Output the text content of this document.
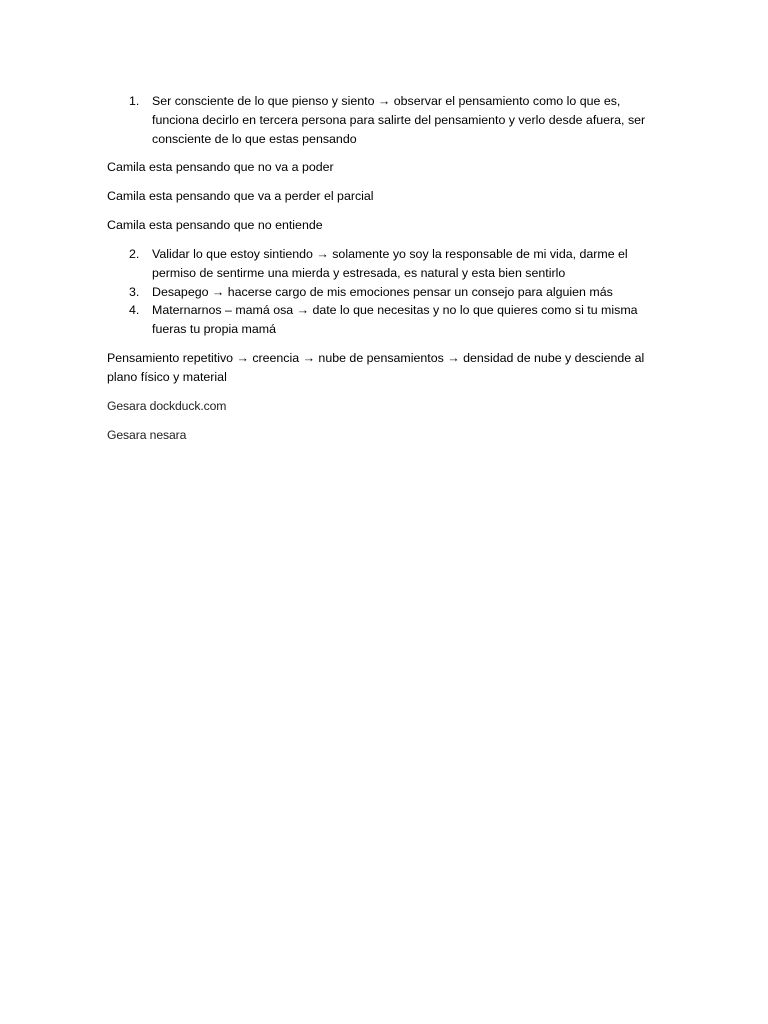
1. Ser consciente de lo que pienso y siento → observar el pensamiento como lo que es, funciona decirlo en tercera persona para salirte del pensamiento y verlo desde afuera, ser consciente de lo que estas pensando
Camila esta pensando que no va a poder
Camila esta pensando que va a perder el parcial
Camila esta pensando que no entiende
2. Validar lo que estoy sintiendo → solamente yo soy la responsable de mi vida, darme el permiso de sentirme una mierda y estresada, es natural y esta bien sentirlo
3. Desapego → hacerse cargo de mis emociones pensar un consejo para alguien más
4. Maternarnos – mamá osa → date lo que necesitas y no lo que quieres como si tu misma fueras tu propia mamá
Pensamiento repetitivo → creencia → nube de pensamientos → densidad de nube y desciende al plano físico y material
Gesara dockduck.com
Gesara nesara
